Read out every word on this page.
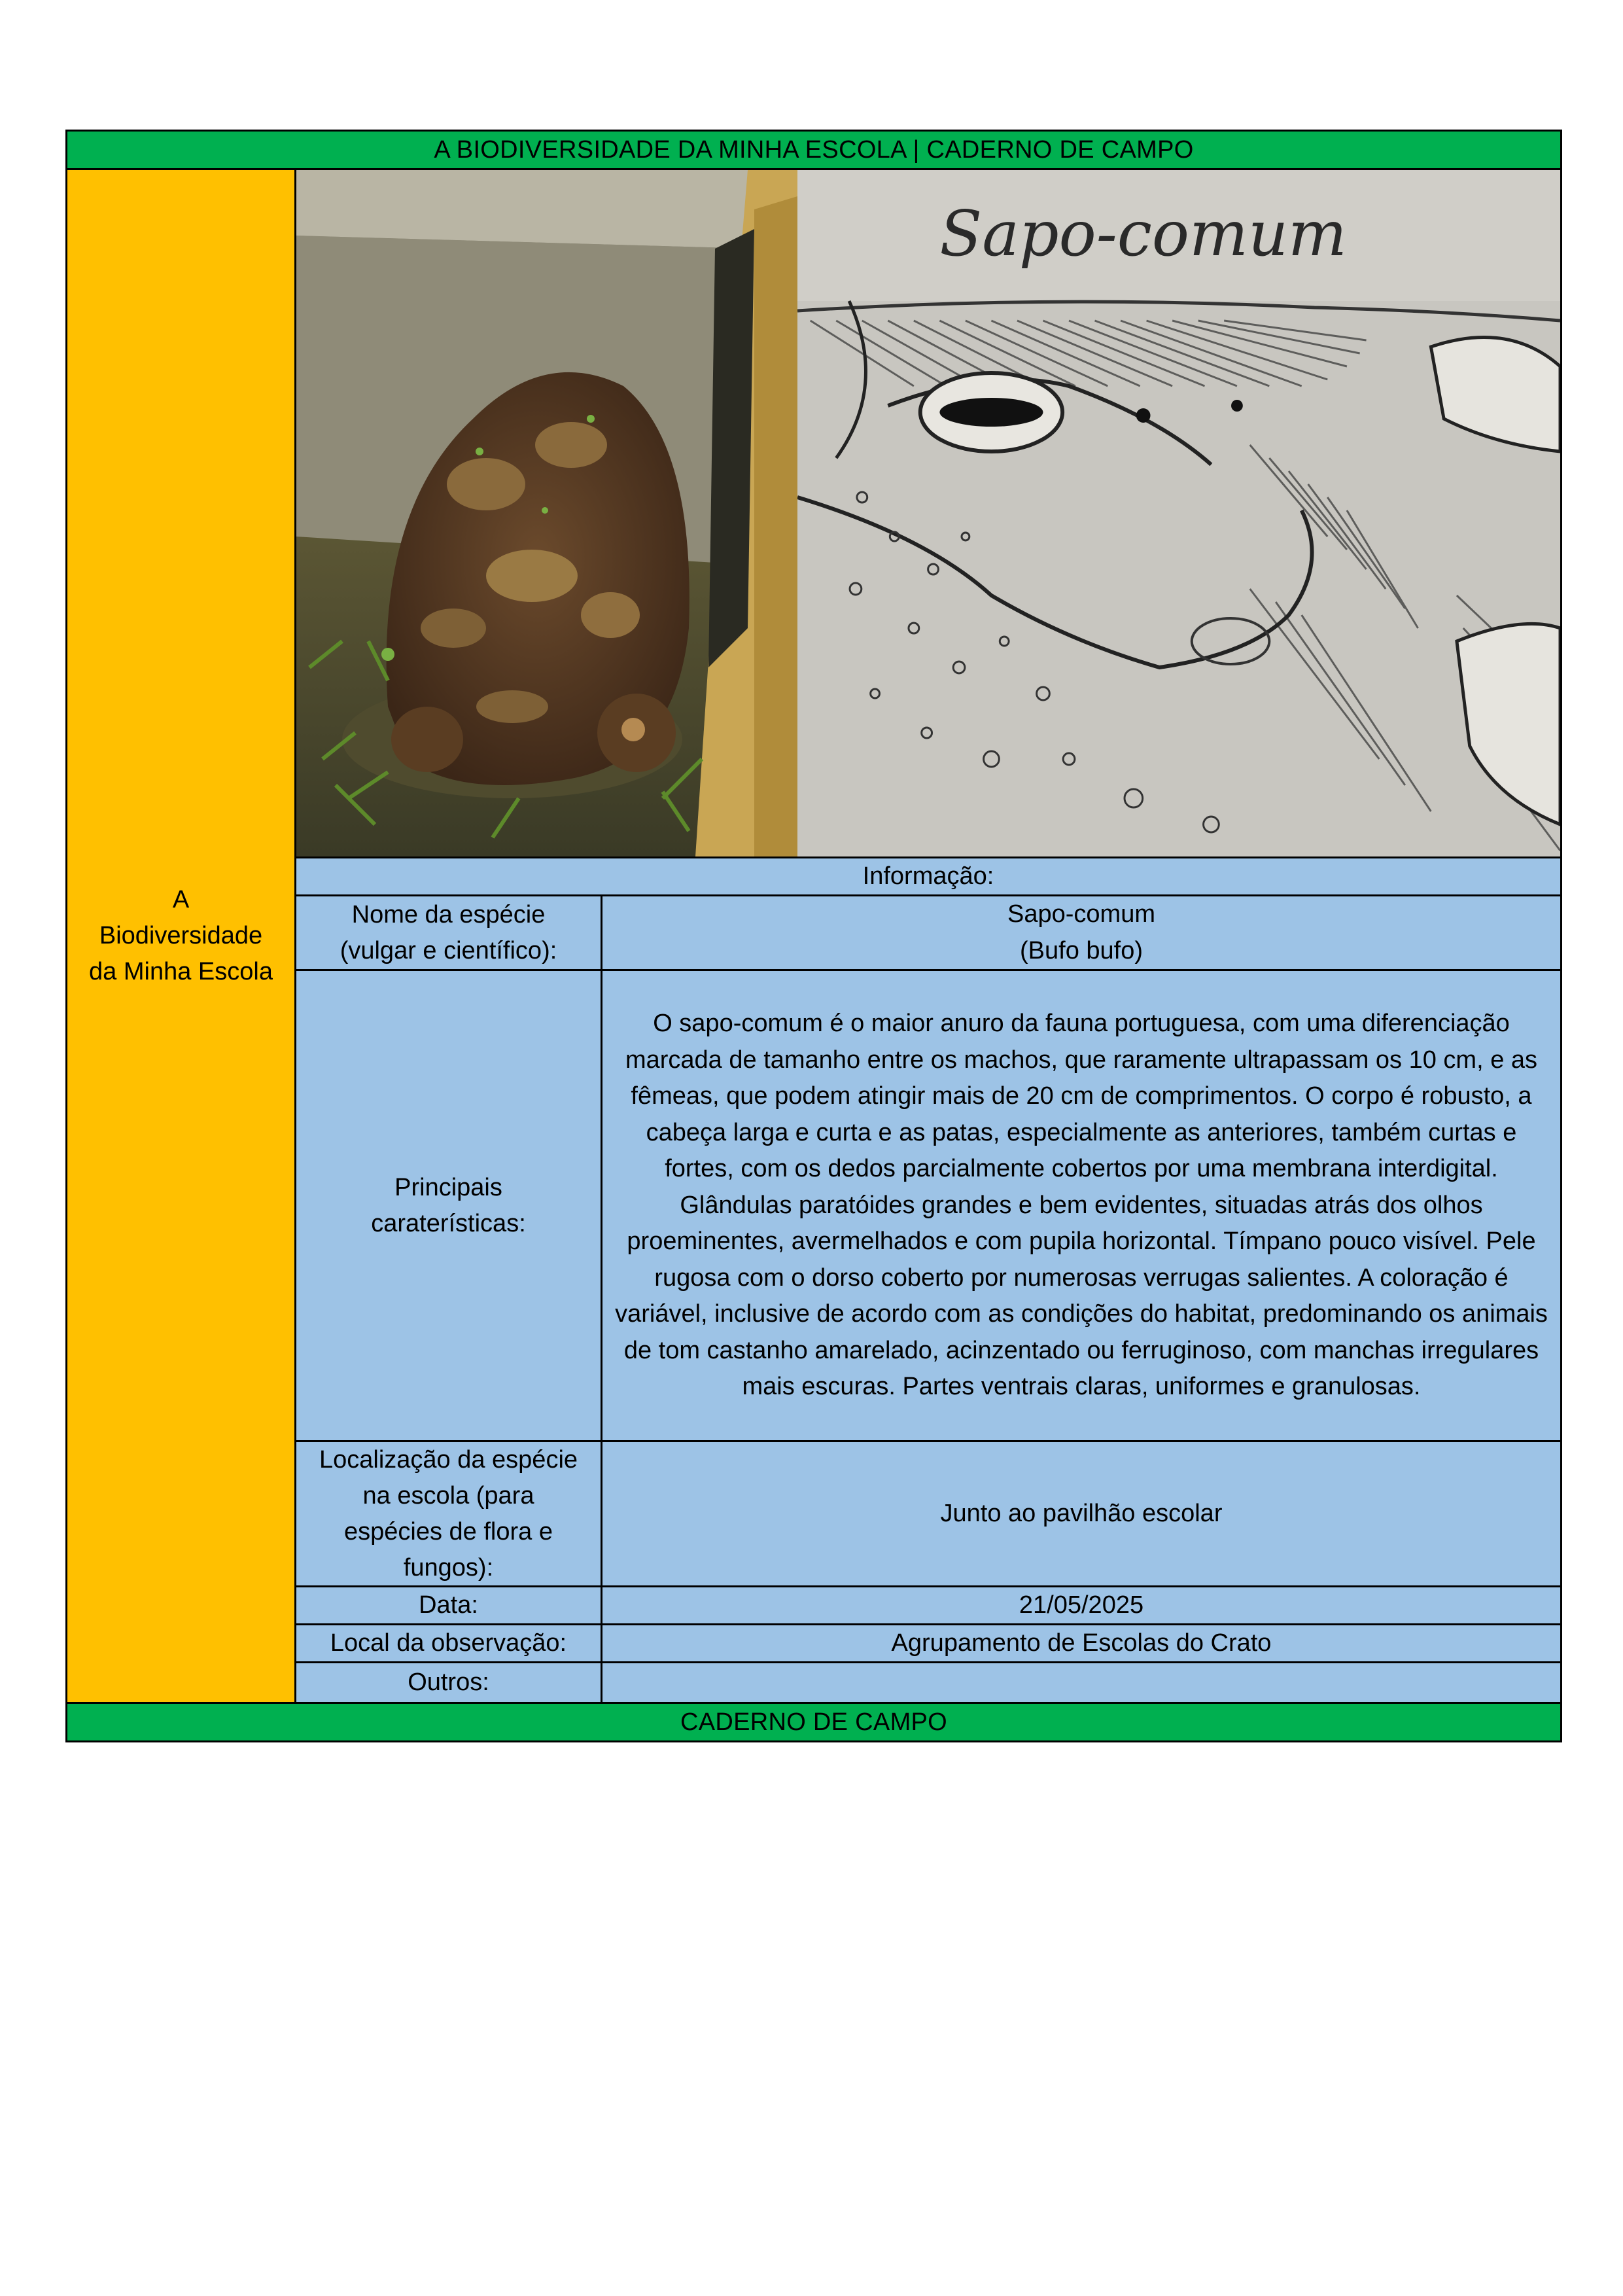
A BIODIVERSIDADE DA MINHA ESCOLA | CADERNO DE CAMPO
A
Biodiversidade
da Minha Escola
Sapo-comum
Informação:
Nome da espécie
(vulgar e científico):
Sapo-comum
(Bufo bufo)
Principais
caraterísticas:
O sapo-comum é o maior anuro da fauna portuguesa, com uma diferenciação marcada de tamanho entre os machos, que raramente ultrapassam os 10 cm, e as fêmeas, que podem atingir mais de 20 cm de comprimentos. O corpo é robusto, a cabeça larga e curta e as patas, especialmente as anteriores, também curtas e fortes, com os dedos parcialmente cobertos por uma membrana interdigital. Glândulas paratóides grandes e bem evidentes, situadas atrás dos olhos proeminentes, avermelhados e com pupila horizontal. Tímpano pouco visível. Pele rugosa com o dorso coberto por numerosas verrugas salientes. A coloração é variável, inclusive de acordo com as condições do habitat, predominando os animais de tom castanho amarelado, acinzentado ou ferruginoso, com manchas irregulares mais escuras. Partes ventrais claras, uniformes e granulosas.
Localização da espécie
na escola (para
espécies de flora e
fungos):
Junto ao pavilhão escolar
Data:	21/05/2025
Local da observação:	Agrupamento de Escolas do Crato
Outros:
CADERNO DE CAMPO
